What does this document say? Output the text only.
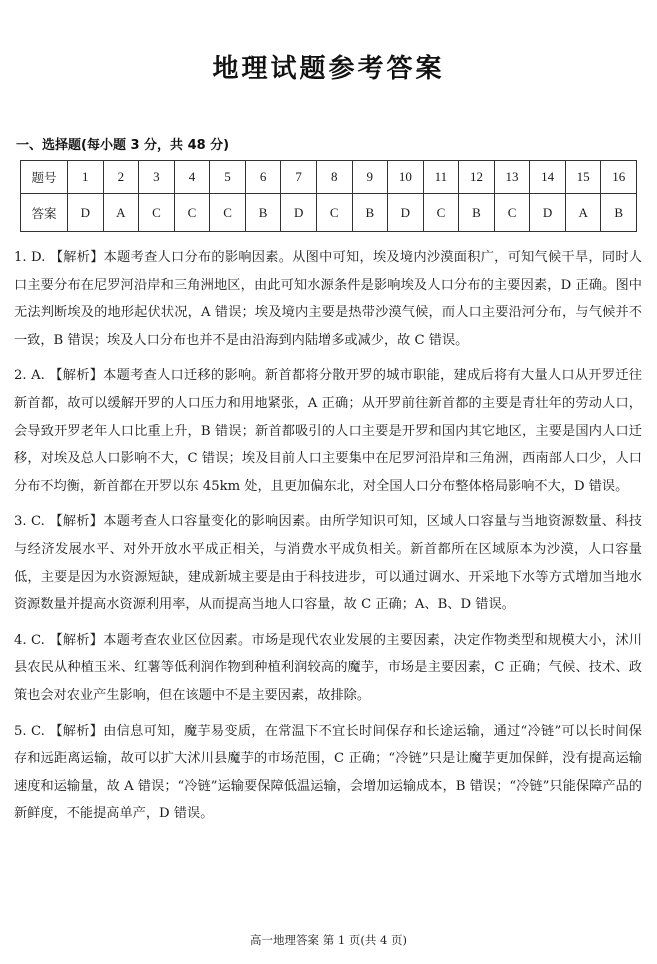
地理试题参考答案
一、选择题(每小题 3 分，共 48 分)
题号	1	2	3	4	5	6	7	8	9	10	11	12	13	14	15	16
答案	D	A	C	C	C	B	D	C	B	D	C	B	C	D	A	B

1. D. 【解析】本题考查人口分布的影响因素。从图中可知，埃及境内沙漠面积广，可知气候干旱，同时人口主要分布在尼罗河沿岸和三角洲地区，由此可知水源条件是影响埃及人口分布的主要因素，D 正确。图中无法判断埃及的地形起伏状况，A 错误；埃及境内主要是热带沙漠气候，而人口主要沿河分布，与气候并不一致，B 错误；埃及人口分布也并不是由沿海到内陆增多或减少，故 C 错误。

2. A. 【解析】本题考查人口迁移的影响。新首都将分散开罗的城市职能，建成后将有大量人口从开罗迁往新首都，故可以缓解开罗的人口压力和用地紧张，A 正确；从开罗前往新首都的主要是青壮年的劳动人口，会导致开罗老年人口比重上升，B 错误；新首都吸引的人口主要是开罗和国内其它地区，主要是国内人口迁移，对埃及总人口影响不大，C 错误；埃及目前人口主要集中在尼罗河沿岸和三角洲，西南部人口少，人口分布不均衡，新首都在开罗以东 45km 处，且更加偏东北，对全国人口分布整体格局影响不大，D 错误。

3. C. 【解析】本题考查人口容量变化的影响因素。由所学知识可知，区域人口容量与当地资源数量、科技与经济发展水平、对外开放水平成正相关，与消费水平成负相关。新首都所在区域原本为沙漠，人口容量低，主要是因为水资源短缺，建成新城主要是由于科技进步，可以通过调水、开采地下水等方式增加当地水资源数量并提高水资源利用率，从而提高当地人口容量，故 C 正确；A、B、D 错误。

4. C. 【解析】本题考查农业区位因素。市场是现代农业发展的主要因素，决定作物类型和规模大小，沭川县农民从种植玉米、红薯等低利润作物到种植利润较高的魔芋，市场是主要因素，C 正确；气候、技术、政策也会对农业产生影响，但在该题中不是主要因素，故排除。

5. C. 【解析】由信息可知，魔芋易变质，在常温下不宜长时间保存和长途运输，通过“冷链”可以长时间保存和远距离运输，故可以扩大沭川县魔芋的市场范围，C 正确；“冷链”只是让魔芋更加保鲜，没有提高运输速度和运输量，故 A 错误；“冷链”运输要保障低温运输，会增加运输成本，B 错误；“冷链”只能保障产品的新鲜度，不能提高单产，D 错误。

高一地理答案 第 1 页(共 4 页)
